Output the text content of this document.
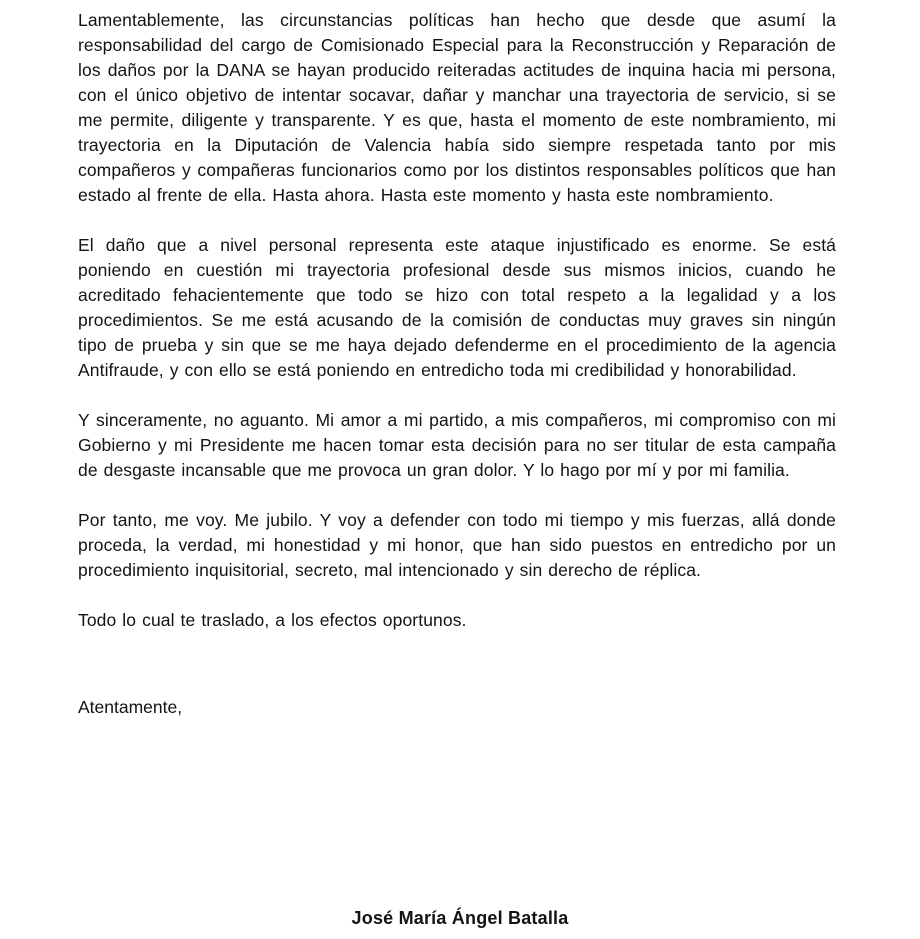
Lamentablemente, las circunstancias políticas han hecho que desde que asumí la responsabilidad del cargo de Comisionado Especial para la Reconstrucción y Reparación de los daños por la DANA se hayan producido reiteradas actitudes de inquina hacia mi persona, con el único objetivo de intentar socavar, dañar y manchar una trayectoria de servicio, si se me permite, diligente y transparente. Y es que, hasta el momento de este nombramiento, mi trayectoria en la Diputación de Valencia había sido siempre respetada tanto por mis compañeros y compañeras funcionarios como por los distintos responsables políticos que han estado al frente de ella. Hasta ahora. Hasta este momento y hasta este nombramiento.

El daño que a nivel personal representa este ataque injustificado es enorme. Se está poniendo en cuestión mi trayectoria profesional desde sus mismos inicios, cuando he acreditado fehacientemente que todo se hizo con total respeto a la legalidad y a los procedimientos. Se me está acusando de la comisión de conductas muy graves sin ningún tipo de prueba y sin que se me haya dejado defenderme en el procedimiento de la agencia Antifraude, y con ello se está poniendo en entredicho toda mi credibilidad y honorabilidad.

Y sinceramente, no aguanto. Mi amor a mi partido, a mis compañeros, mi compromiso con mi Gobierno y mi Presidente me hacen tomar esta decisión para no ser titular de esta campaña de desgaste incansable que me provoca un gran dolor. Y lo hago por mí y por mi familia.

Por tanto, me voy. Me jubilo. Y voy a defender con todo mi tiempo y mis fuerzas, allá donde proceda, la verdad, mi honestidad y mi honor, que han sido puestos en entredicho por un procedimiento inquisitorial, secreto, mal intencionado y sin derecho de réplica.

Todo lo cual te traslado, a los efectos oportunos.

Atentamente,

José María Ángel Batalla
